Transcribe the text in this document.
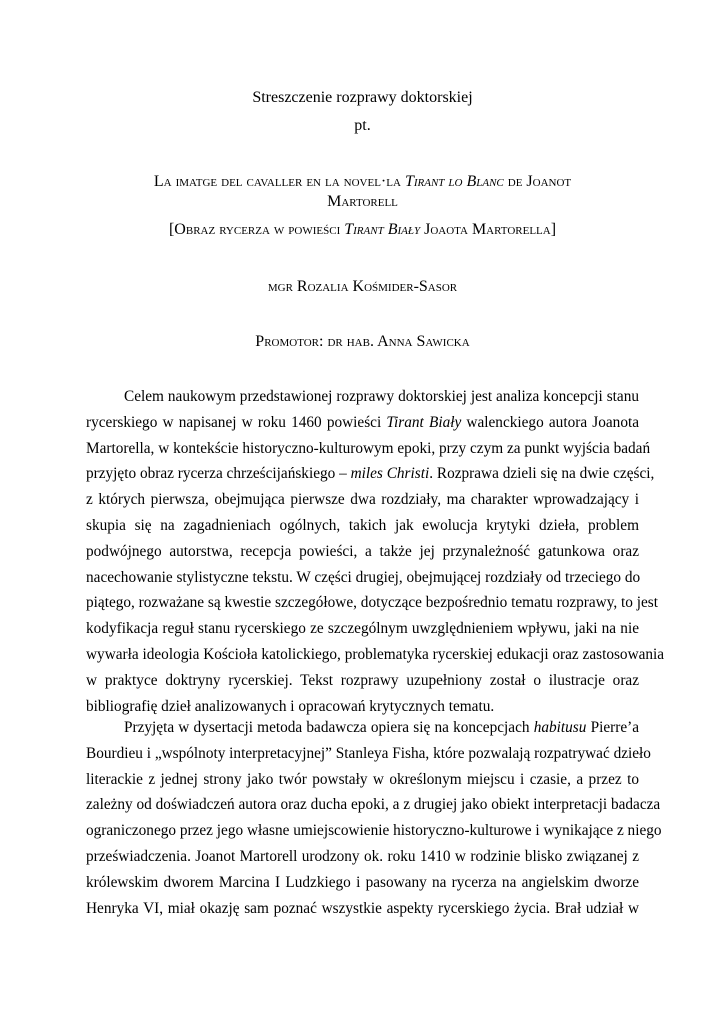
Streszczenie rozprawy doktorskiej
pt.
La imatge del cavaller en la novel·la Tirant lo Blanc de Joanot
Martorell
[Obraz rycerza w powieści Tirant Biały Joaota Martorella]
mgr Rozalia Kośmider-Sasor
Promotor: dr hab. Anna Sawicka
Celem naukowym przedstawionej rozprawy doktorskiej jest analiza koncepcji stanu
rycerskiego w napisanej w roku 1460 powieści Tirant Biały walenckiego autora Joanota
Martorella, w kontekście historyczno-kulturowym epoki, przy czym za punkt wyjścia badań
przyjęto obraz rycerza chrześcijańskiego – miles Christi. Rozprawa dzieli się na dwie części,
z których pierwsza, obejmująca pierwsze dwa rozdziały, ma charakter wprowadzający i
skupia się na zagadnieniach ogólnych, takich jak ewolucja krytyki dzieła, problem
podwójnego autorstwa, recepcja powieści, a także jej przynależność gatunkowa oraz
nacechowanie stylistyczne tekstu. W części drugiej, obejmującej rozdziały od trzeciego do
piątego, rozważane są kwestie szczegółowe, dotyczące bezpośrednio tematu rozprawy, to jest
kodyfikacja reguł stanu rycerskiego ze szczególnym uwzględnieniem wpływu, jaki na nie
wywarła ideologia Kościoła katolickiego, problematyka rycerskiej edukacji oraz zastosowania
w praktyce doktryny rycerskiej. Tekst rozprawy uzupełniony został o ilustracje oraz
bibliografię dzieł analizowanych i opracowań krytycznych tematu.
Przyjęta w dysertacji metoda badawcza opiera się na koncepcjach habitusu Pierre’a
Bourdieu i „wspólnoty interpretacyjnej” Stanleya Fisha, które pozwalają rozpatrywać dzieło
literackie z jednej strony jako twór powstały w określonym miejscu i czasie, a przez to
zależny od doświadczeń autora oraz ducha epoki, a z drugiej jako obiekt interpretacji badacza
ograniczonego przez jego własne umiejscowienie historyczno-kulturowe i wynikające z niego
przeświadczenia. Joanot Martorell urodzony ok. roku 1410 w rodzinie blisko związanej z
królewskim dworem Marcina I Ludzkiego i pasowany na rycerza na angielskim dworze
Henryka VI, miał okazję sam poznać wszystkie aspekty rycerskiego życia. Brał udział w
